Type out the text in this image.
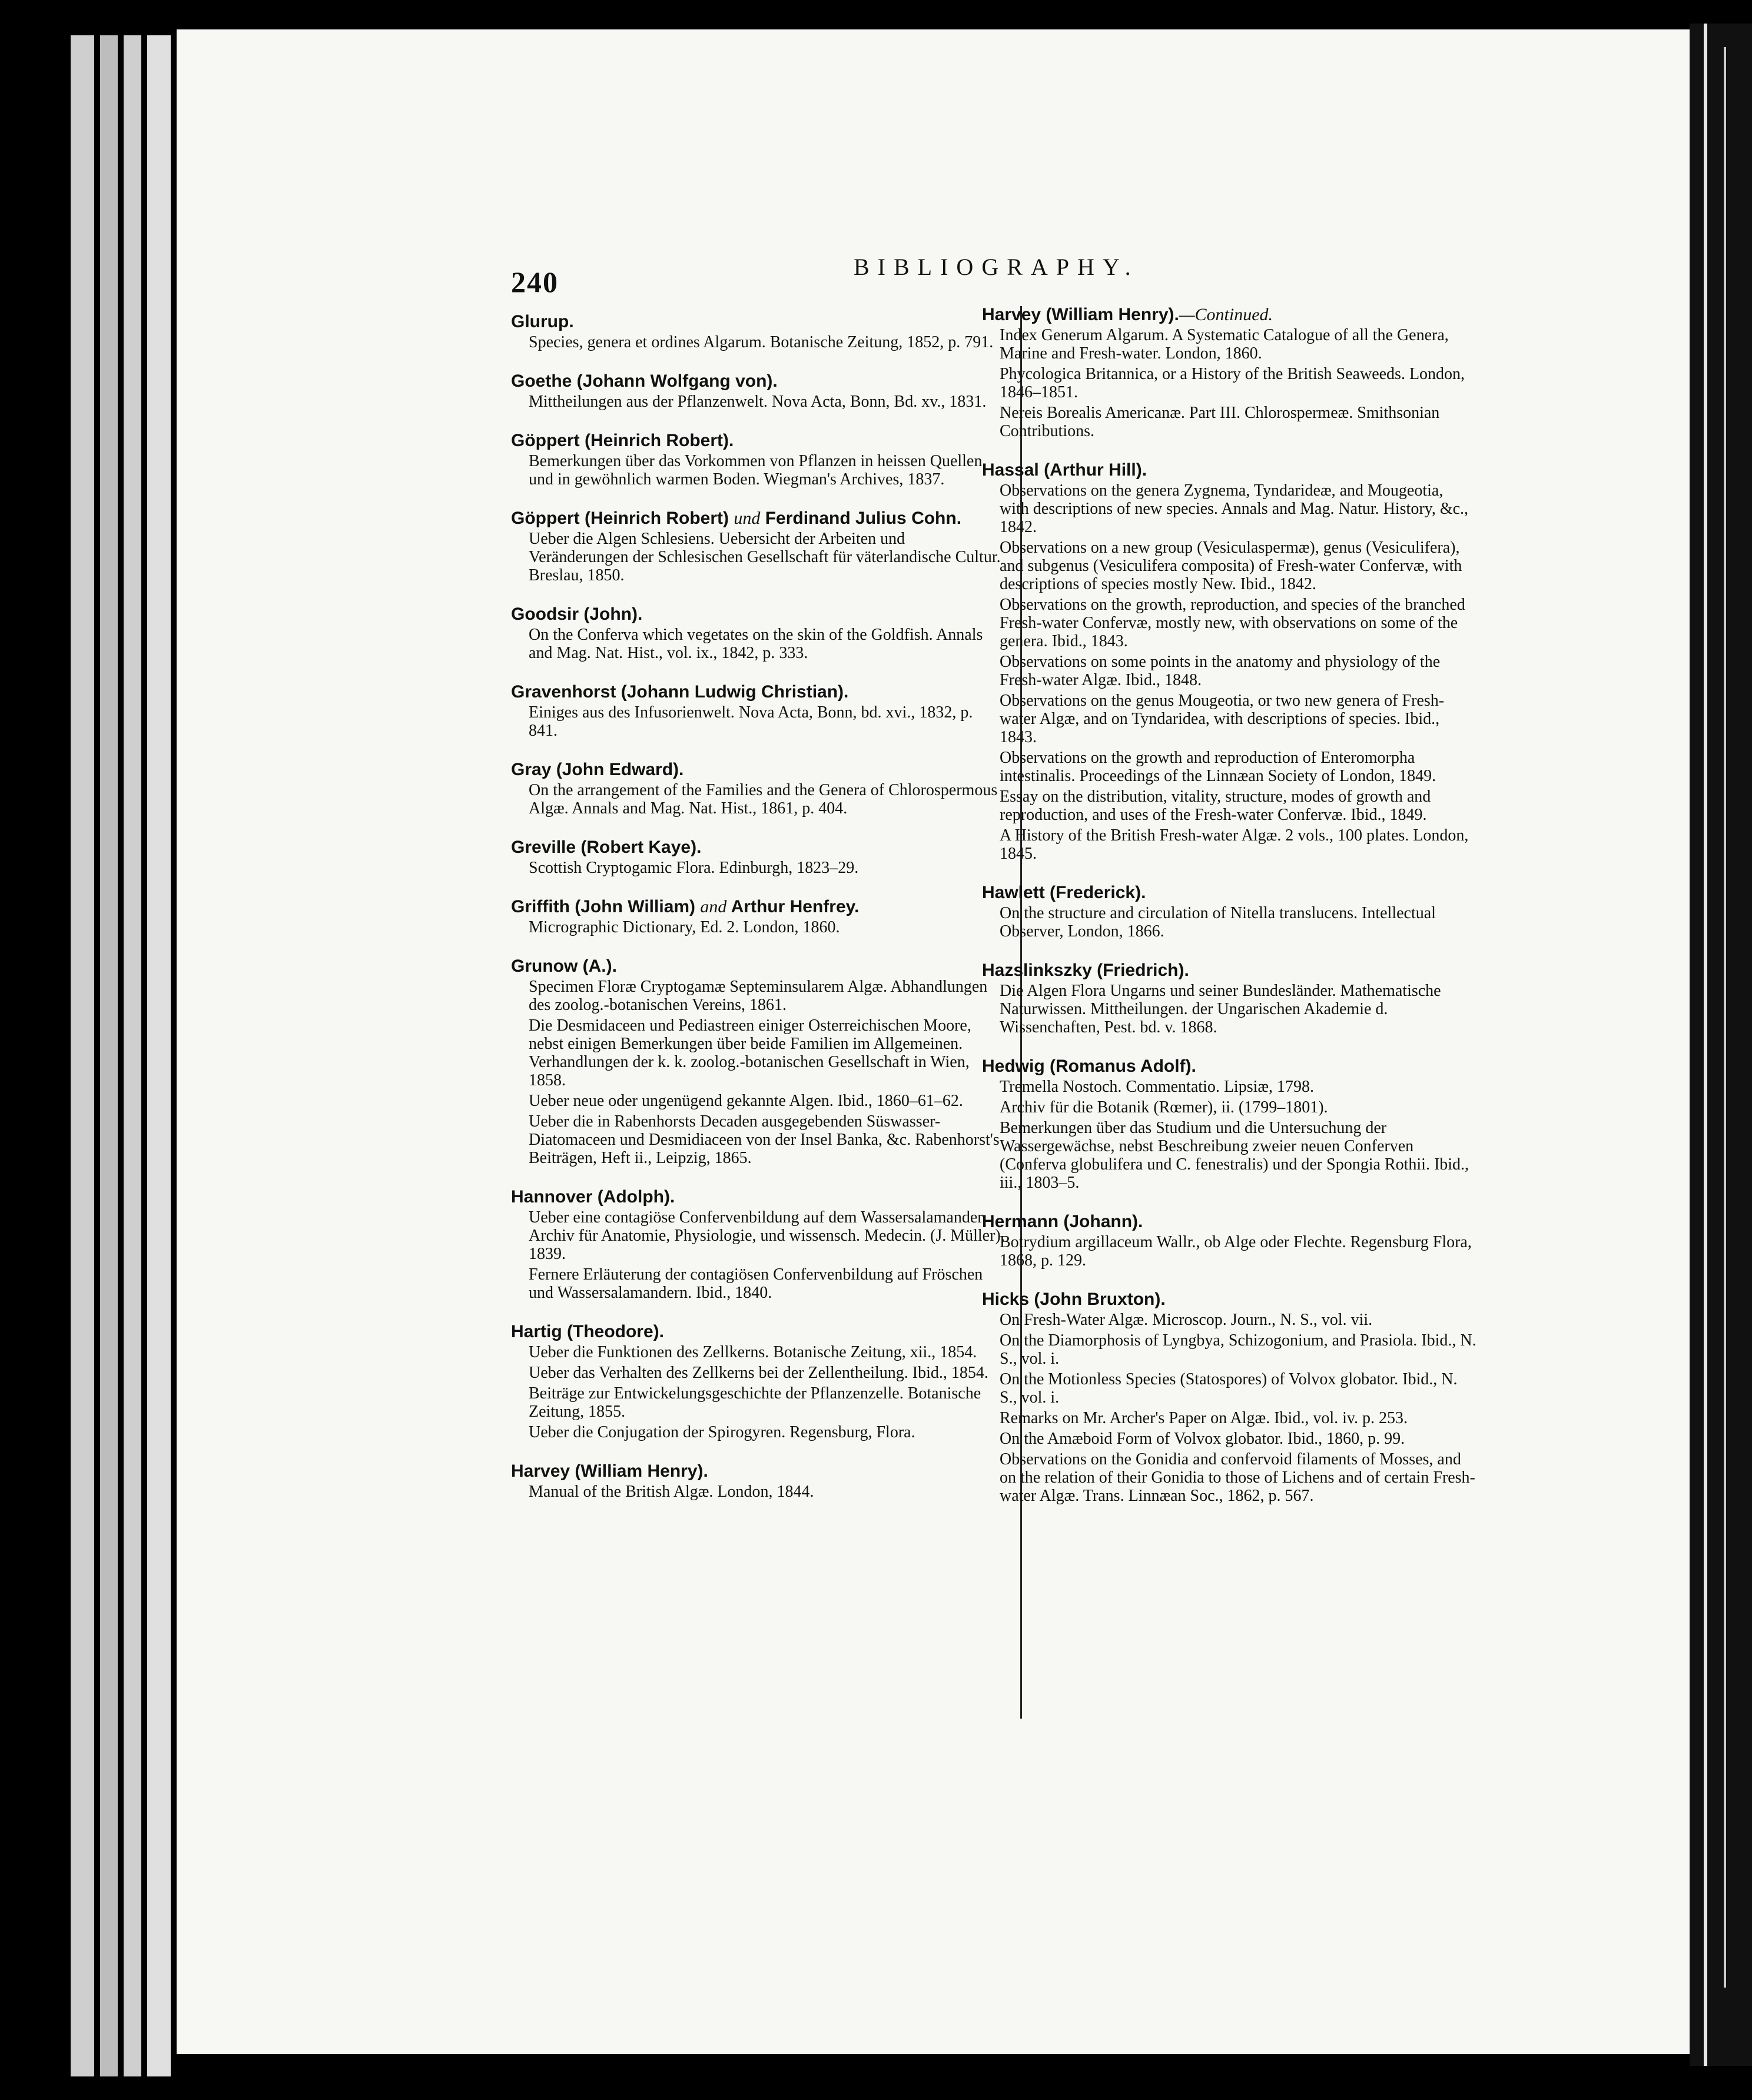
240	BIBLIOGRAPHY.
Glurup.
Species, genera et ordines Algarum. Botanische Zeitung, 1852, p. 791.
Goethe (Johann Wolfgang von).
Mittheilungen aus der Pflanzenwelt. Nova Acta, Bonn, Bd. xv., 1831.
Göppert (Heinrich Robert).
Bemerkungen über das Vorkommen von Pflanzen in heissen Quellen und in gewöhnlich warmen Boden. Wiegman's Archives, 1837.
Göppert (Heinrich Robert) und Ferdinand Julius Cohn.
Ueber die Algen Schlesiens. Uebersicht der Arbeiten und Veränderungen der Schlesischen Gesellschaft für väterlandische Cultur. Breslau, 1850.
Goodsir (John).
On the Conferva which vegetates on the skin of the Goldfish. Annals and Mag. Nat. Hist., vol. ix., 1842, p. 333.
Gravenhorst (Johann Ludwig Christian).
Einiges aus des Infusorienwelt. Nova Acta, Bonn, bd. xvi., 1832, p. 841.
Gray (John Edward).
On the arrangement of the Families and the Genera of Chlorospermous Algæ. Annals and Mag. Nat. Hist., 1861, p. 404.
Greville (Robert Kaye).
Scottish Cryptogamic Flora. Edinburgh, 1823–29.
Griffith (John William) and Arthur Henfrey.
Micrographic Dictionary, Ed. 2. London, 1860.
Grunow (A.).
Specimen Floræ Cryptogamæ Septeminsularem Algæ. Abhandlungen des zoolog.-botanischen Vereins, 1861.
Die Desmidaceen und Pediastreen einiger Osterreichischen Moore, nebst einigen Bemerkungen über beide Familien im Allgemeinen. Verhandlungen der k. k. zoolog.-botanischen Gesellschaft in Wien, 1858.
Ueber neue oder ungenügend gekannte Algen. Ibid., 1860–61–62.
Ueber die in Rabenhorsts Decaden ausgegebenden Süswasser-Diatomaceen und Desmidiaceen von der Insel Banka, &c. Rabenhorst's Beiträgen, Heft ii., Leipzig, 1865.
Hannover (Adolph).
Ueber eine contagiöse Confervenbildung auf dem Wassersalamander. Archiv für Anatomie, Physiologie, und wissensch. Medecin. (J. Müller), 1839.
Fernere Erläuterung der contagiösen Confervenbildung auf Fröschen und Wassersalamandern. Ibid., 1840.
Hartig (Theodore).
Ueber die Funktionen des Zellkerns. Botanische Zeitung, xii., 1854.
Ueber das Verhalten des Zellkerns bei der Zellentheilung. Ibid., 1854.
Beiträge zur Entwickelungsgeschichte der Pflanzenzelle. Botanische Zeitung, 1855.
Ueber die Conjugation der Spirogyren. Regensburg, Flora.
Harvey (William Henry).
Manual of the British Algæ. London, 1844.
Harvey (William Henry).—Continued.
Index Generum Algarum. A Systematic Catalogue of all the Genera, Marine and Fresh-water. London, 1860.
Phycologica Britannica, or a History of the British Seaweeds. London, 1846–1851.
Nereis Borealis Americanæ. Part III. Chlorospermeæ. Smithsonian Contributions.
Hassal (Arthur Hill).
Observations on the genera Zygnema, Tyndarideæ, and Mougeotia, with descriptions of new species. Annals and Mag. Natur. History, &c., 1842.
Observations on a new group (Vesiculaspermæ), genus (Vesiculifera), and subgenus (Vesiculifera composita) of Fresh-water Confervæ, with descriptions of species mostly New. Ibid., 1842.
Observations on the growth, reproduction, and species of the branched Fresh-water Confervæ, mostly new, with observations on some of the genera. Ibid., 1843.
Observations on some points in the anatomy and physiology of the Fresh-water Algæ. Ibid., 1848.
Observations on the genus Mougeotia, or two new genera of Fresh-water Algæ, and on Tyndaridea, with descriptions of species. Ibid., 1843.
Observations on the growth and reproduction of Enteromorpha intestinalis. Proceedings of the Linnæan Society of London, 1849.
Essay on the distribution, vitality, structure, modes of growth and reproduction, and uses of the Fresh-water Confervæ. Ibid., 1849.
A History of the British Fresh-water Algæ. 2 vols., 100 plates. London, 1845.
Hawlett (Frederick).
On the structure and circulation of Nitella translucens. Intellectual Observer, London, 1866.
Hazslinkszky (Friedrich).
Die Algen Flora Ungarns und seiner Bundesländer. Mathematische Naturwissen. Mittheilungen. der Ungarischen Akademie d. Wissenchaften, Pest. bd. v. 1868.
Hedwig (Romanus Adolf).
Tremella Nostoch. Commentatio. Lipsiæ, 1798.
Archiv für die Botanik (Rœmer), ii. (1799–1801).
Bemerkungen über das Studium und die Untersuchung der Wassergewächse, nebst Beschreibung zweier neuen Conferven (Conferva globulifera und C. fenestralis) und der Spongia Rothii. Ibid., iii., 1803–5.
Hermann (Johann).
Botrydium argillaceum Wallr., ob Alge oder Flechte. Regensburg Flora, 1868, p. 129.
Hicks (John Bruxton).
On Fresh-Water Algæ. Microscop. Journ., N. S., vol. vii.
On the Diamorphosis of Lyngbya, Schizogonium, and Prasiola. Ibid., N. S., vol. i.
On the Motionless Species (Statospores) of Volvox globator. Ibid., N. S., vol. i.
Remarks on Mr. Archer's Paper on Algæ. Ibid., vol. iv. p. 253.
On the Amæboid Form of Volvox globator. Ibid., 1860, p. 99.
Observations on the Gonidia and confervoid filaments of Mosses, and on the relation of their Gonidia to those of Lichens and of certain Fresh-water Algæ. Trans. Linnæan Soc., 1862, p. 567.
